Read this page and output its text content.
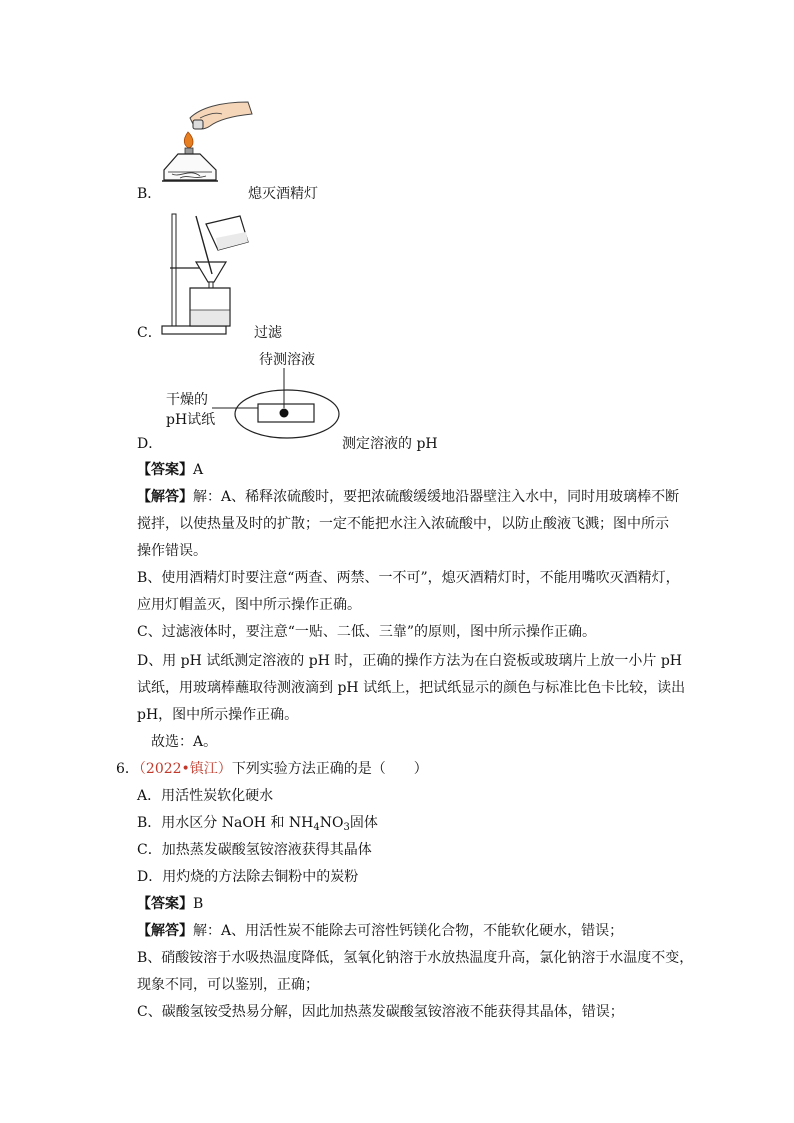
B．	熄灭酒精灯
C．	过滤
待测溶液
干燥的
pH试纸
D．	测定溶液的 pH
【答案】A
【解答】解：A、稀释浓硫酸时，要把浓硫酸缓缓地沿器壁注入水中，同时用玻璃棒不断
搅拌，以使热量及时的扩散；一定不能把水注入浓硫酸中，以防止酸液飞溅；图中所示
操作错误。
B、使用酒精灯时要注意“两查、两禁、一不可”，熄灭酒精灯时，不能用嘴吹灭酒精灯，
应用灯帽盖灭，图中所示操作正确。
C、过滤液体时，要注意“一贴、二低、三靠”的原则，图中所示操作正确。
D、用 pH 试纸测定溶液的 pH 时，正确的操作方法为在白瓷板或玻璃片上放一小片 pH
试纸，用玻璃棒蘸取待测液滴到 pH 试纸上，把试纸显示的颜色与标准比色卡比较，读出
pH，图中所示操作正确。
故选：A。
6．（2022•镇江）下列实验方法正确的是（　　）
A．用活性炭软化硬水
B．用水区分 NaOH 和 $NH_4NO_3$固体
C．加热蒸发碳酸氢铵溶液获得其晶体
D．用灼烧的方法除去铜粉中的炭粉
【答案】B
【解答】解：A、用活性炭不能除去可溶性钙镁化合物，不能软化硬水，错误；
B、硝酸铵溶于水吸热温度降低，氢氧化钠溶于水放热温度升高，氯化钠溶于水温度不变，
现象不同，可以鉴别，正确；
C、碳酸氢铵受热易分解，因此加热蒸发碳酸氢铵溶液不能获得其晶体，错误；
